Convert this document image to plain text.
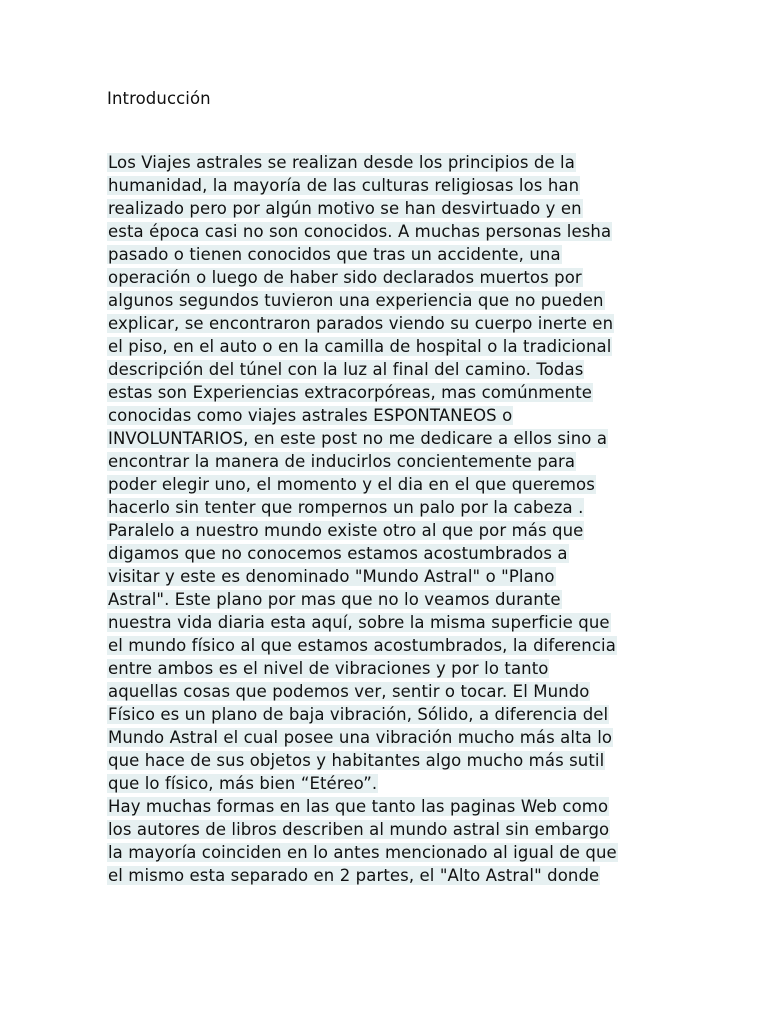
Introducción
Los Viajes astrales se realizan desde los principios de la
humanidad, la mayoría de las culturas religiosas los han
realizado pero por algún motivo se han desvirtuado y en
esta época casi no son conocidos. A muchas personas lesha
pasado o tienen conocidos que tras un accidente, una
operación o luego de haber sido declarados muertos por
algunos segundos tuvieron una experiencia que no pueden
explicar, se encontraron parados viendo su cuerpo inerte en
el piso, en el auto o en la camilla de hospital o la tradicional
descripción del túnel con la luz al final del camino. Todas
estas son Experiencias extracorpóreas, mas comúnmente
conocidas como viajes astrales ESPONTANEOS o
INVOLUNTARIOS, en este post no me dedicare a ellos sino a
encontrar la manera de inducirlos concientemente para
poder elegir uno, el momento y el dia en el que queremos
hacerlo sin tenter que rompernos un palo por la cabeza .
Paralelo a nuestro mundo existe otro al que por más que
digamos que no conocemos estamos acostumbrados a
visitar y este es denominado "Mundo Astral" o "Plano
Astral". Este plano por mas que no lo veamos durante
nuestra vida diaria esta aquí, sobre la misma superficie que
el mundo físico al que estamos acostumbrados, la diferencia
entre ambos es el nivel de vibraciones y por lo tanto
aquellas cosas que podemos ver, sentir o tocar. El Mundo
Físico es un plano de baja vibración, Sólido, a diferencia del
Mundo Astral el cual posee una vibración mucho más alta lo
que hace de sus objetos y habitantes algo mucho más sutil
que lo físico, más bien “Etéreo”.
Hay muchas formas en las que tanto las paginas Web como
los autores de libros describen al mundo astral sin embargo
la mayoría coinciden en lo antes mencionado al igual de que
el mismo esta separado en 2 partes, el "Alto Astral" donde
